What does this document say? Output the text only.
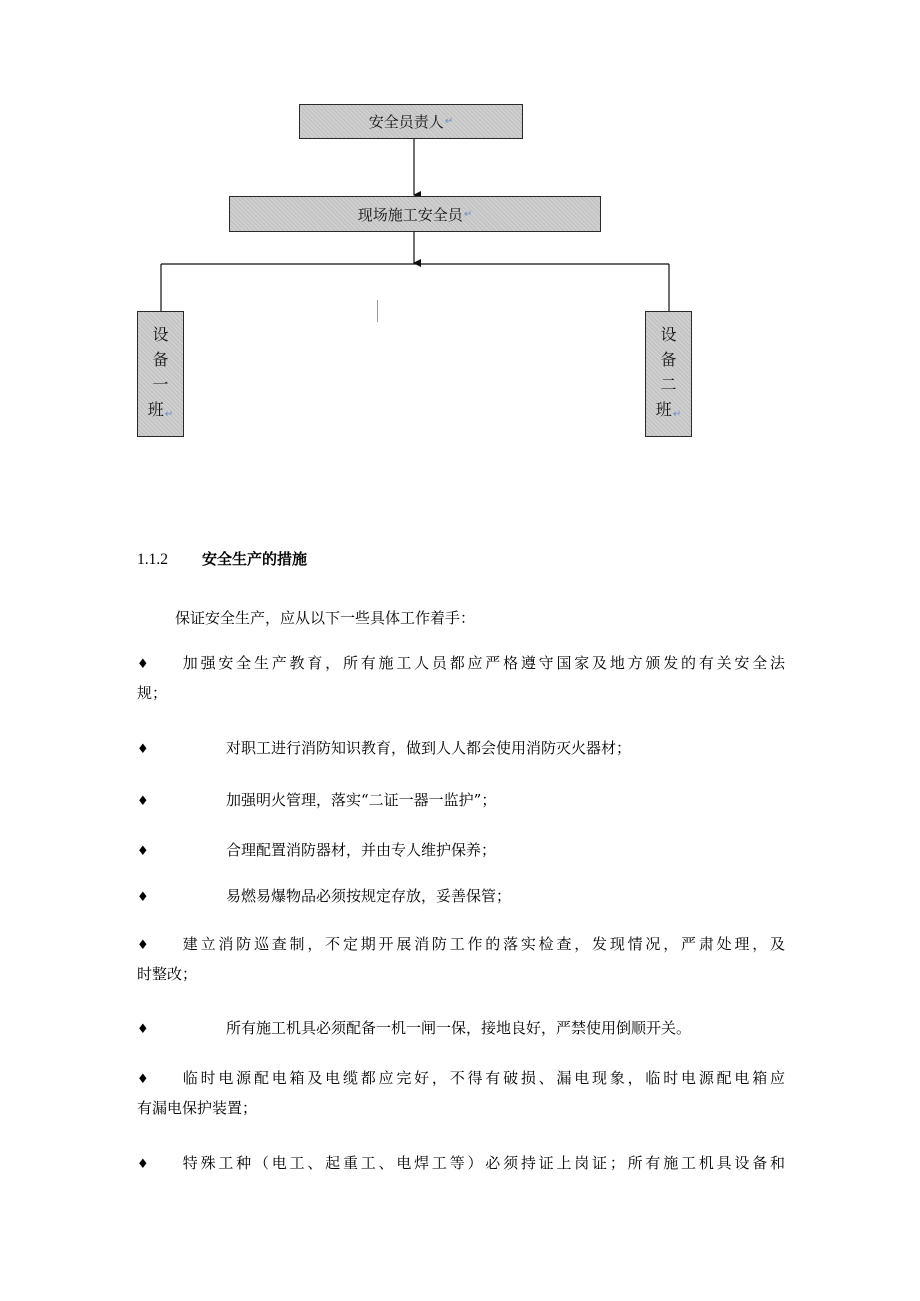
安全员责人 ↵
现场施工安全员 ↵
设
备
一
班↵
设
备
二
班↵
1.1.2 安全生产的措施
保证安全生产，应从以下一些具体工作着手：
♦ 加强安全生产教育，所有施工人员都应严格遵守国家及地方颁发的有关安全法
规；
♦	对职工进行消防知识教育，做到人人都会使用消防灭火器材；
♦	加强明火管理，落实“二证一器一监护”；
♦	合理配置消防器材，并由专人维护保养；
♦	易燃易爆物品必须按规定存放，妥善保管；
♦ 建立消防巡查制，不定期开展消防工作的落实检查，发现情况，严肃处理，及
时整改；
♦	所有施工机具必须配备一机一闸一保，接地良好，严禁使用倒顺开关。
♦ 临时电源配电箱及电缆都应完好，不得有破损、漏电现象，临时电源配电箱应
有漏电保护装置；
♦ 特殊工种（电工、起重工、电焊工等）必须持证上岗证；所有施工机具设备和
